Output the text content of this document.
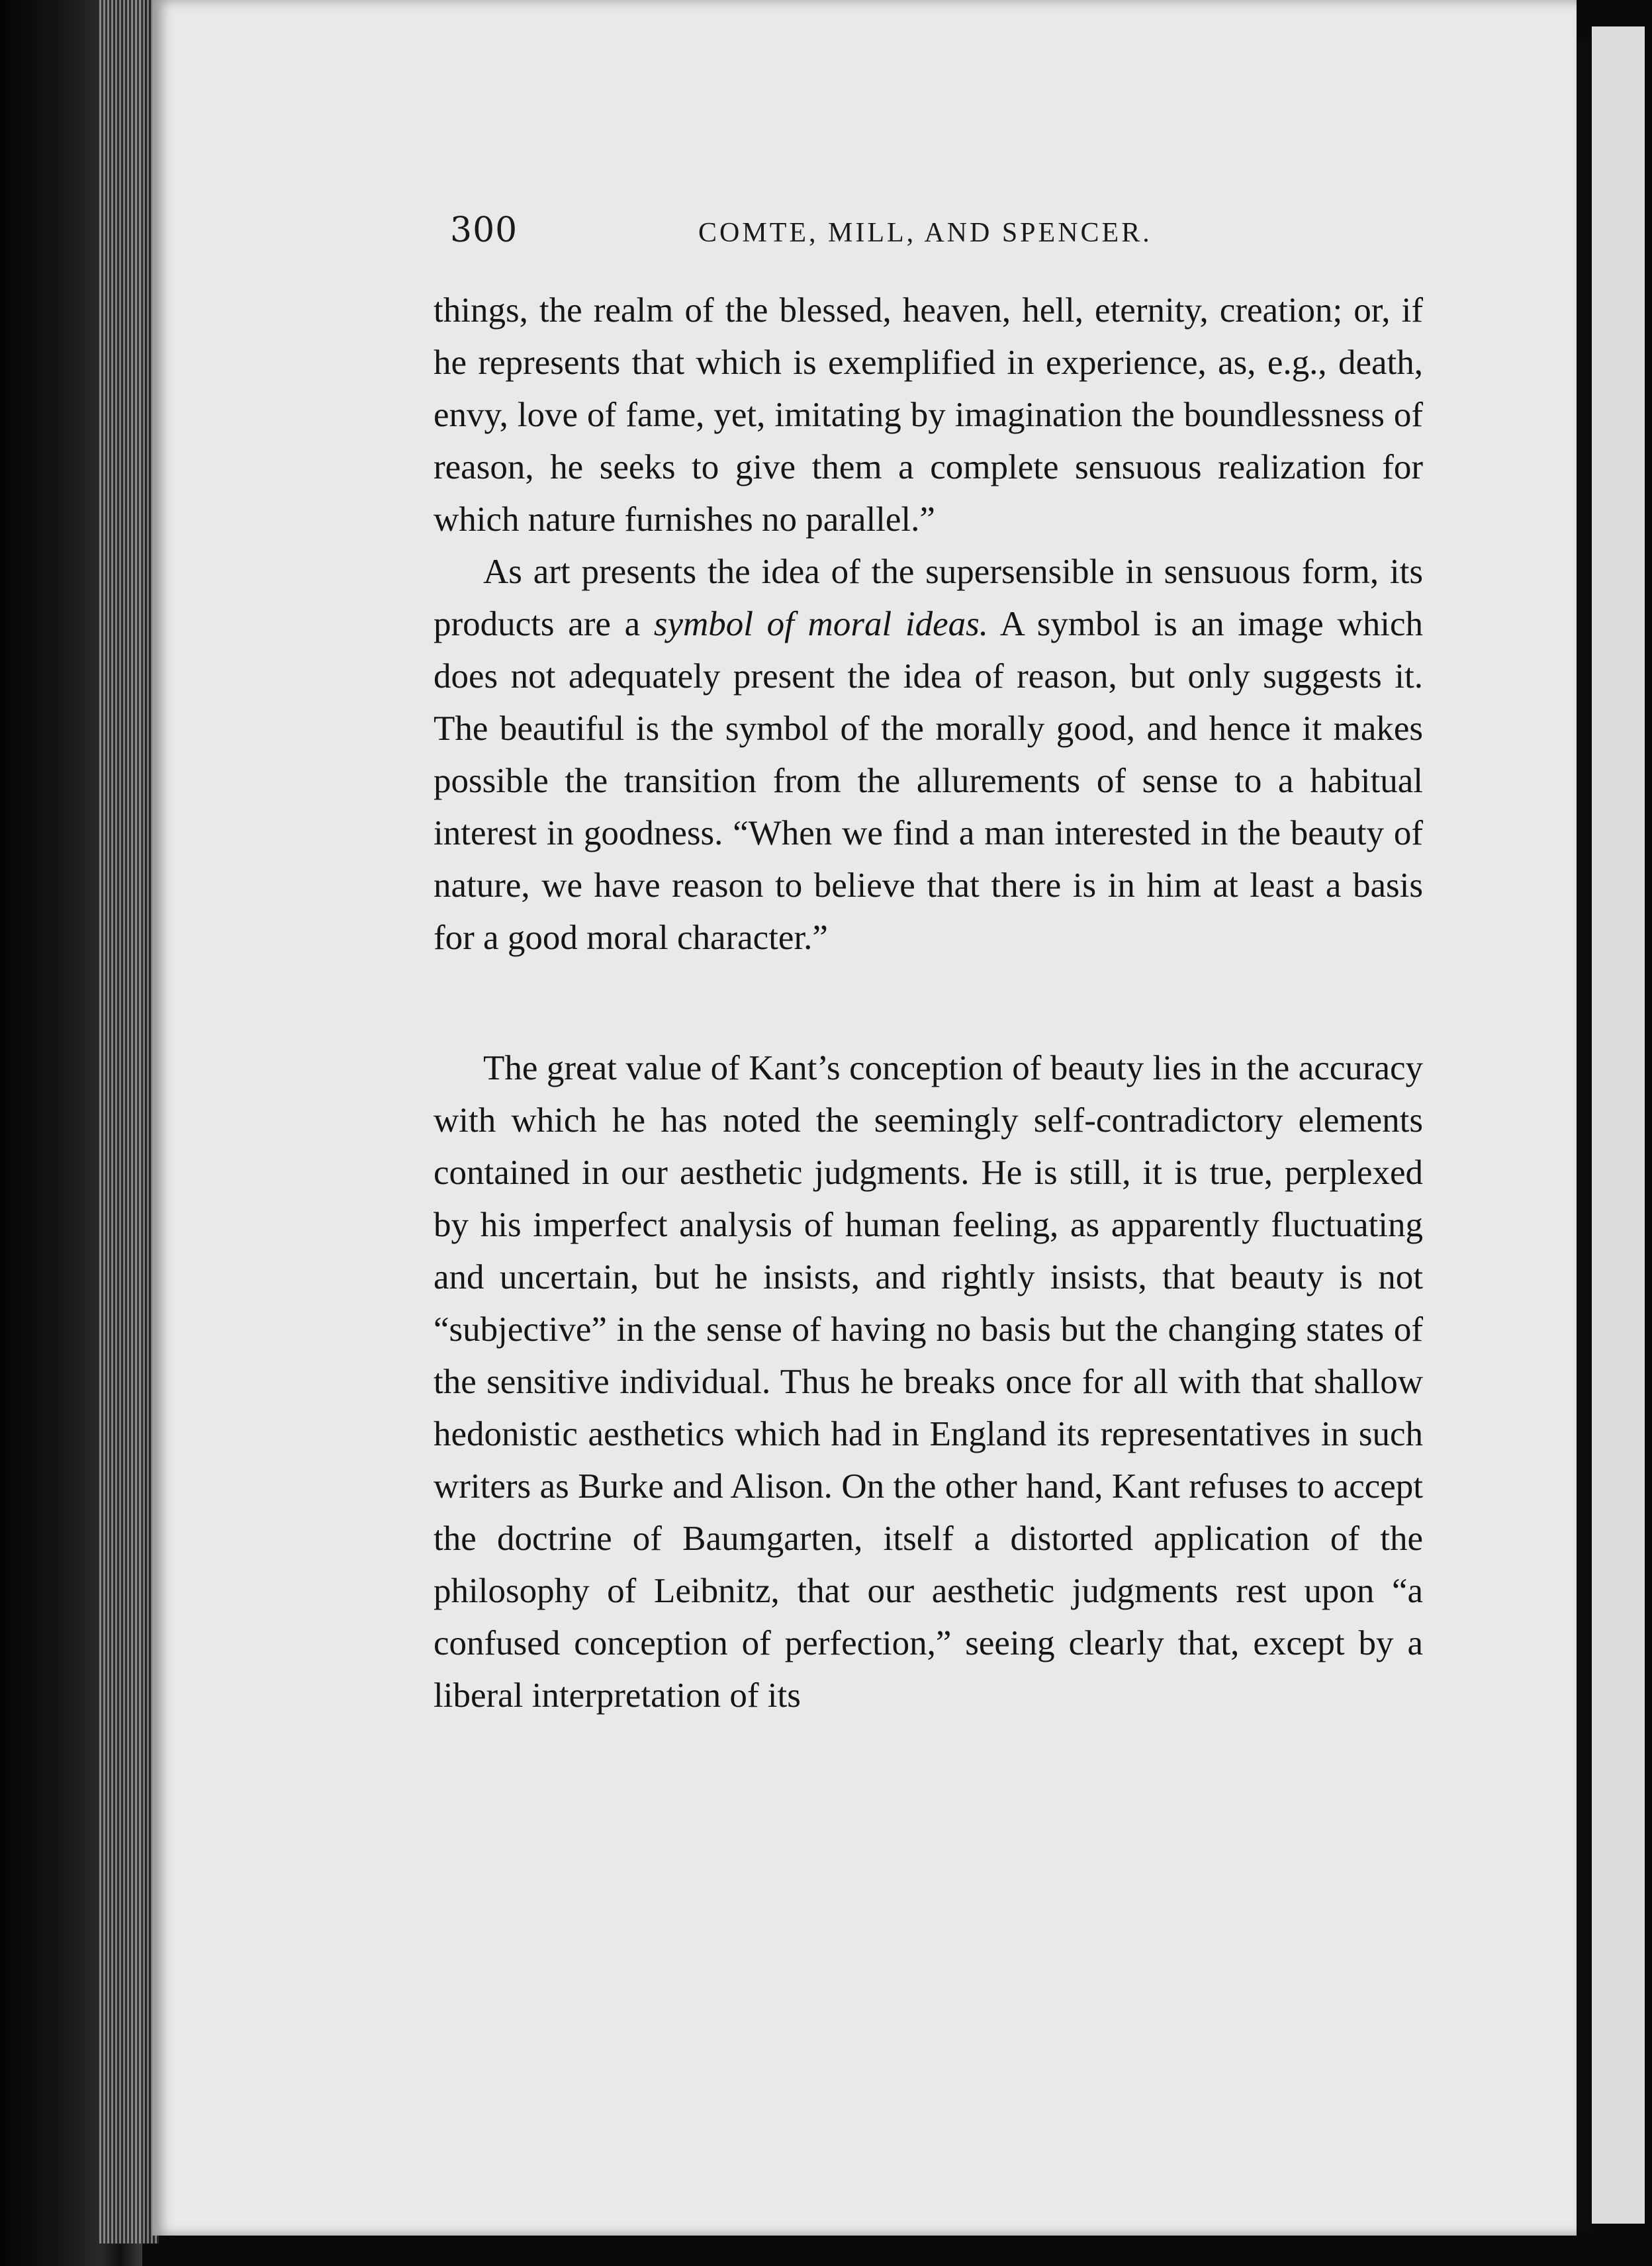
300	COMTE, MILL, AND SPENCER.

things, the realm of the blessed, heaven, hell, eternity, creation; or, if he represents that which is exemplified in experience, as, e.g., death, envy, love of fame, yet, imitating by imagination the boundlessness of reason, he seeks to give them a complete sensuous realization for which nature furnishes no parallel.”

As art presents the idea of the supersensible in sensuous form, its products are a symbol of moral ideas. A symbol is an image which does not adequately present the idea of reason, but only suggests it. The beautiful is the symbol of the morally good, and hence it makes possible the transition from the allurements of sense to a habitual interest in goodness. “When we find a man interested in the beauty of nature, we have reason to believe that there is in him at least a basis for a good moral character.”

The great value of Kant’s conception of beauty lies in the accuracy with which he has noted the seemingly self-contradictory elements contained in our aesthetic judgments. He is still, it is true, perplexed by his imperfect analysis of human feeling, as apparently fluctuating and uncertain, but he insists, and rightly insists, that beauty is not “subjective” in the sense of having no basis but the changing states of the sensitive individual. Thus he breaks once for all with that shallow hedonistic aesthetics which had in England its representatives in such writers as Burke and Alison. On the other hand, Kant refuses to accept the doctrine of Baumgarten, itself a distorted application of the philosophy of Leibnitz, that our aesthetic judgments rest upon “a confused conception of perfection,” seeing clearly that, except by a liberal interpretation of its
